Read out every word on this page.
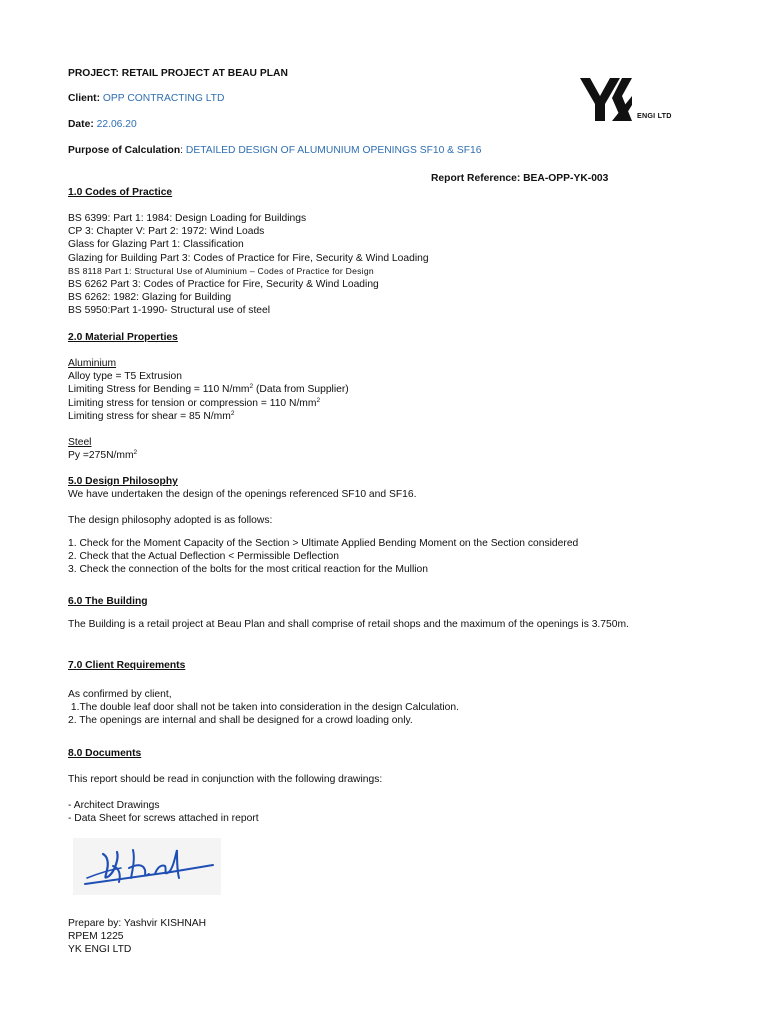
PROJECT: RETAIL PROJECT AT BEAU PLAN
Client: OPP CONTRACTING LTD
Date: 22.06.20
Purpose of Calculation: DETAILED DESIGN OF ALUMUNIUM OPENINGS SF10 & SF16
Report Reference: BEA-OPP-YK-003
ENGI LTD
1.0 Codes of Practice
BS 6399: Part 1: 1984: Design Loading for Buildings
CP 3: Chapter V: Part 2: 1972: Wind Loads
Glass for Glazing Part 1: Classification
Glazing for Building Part 3: Codes of Practice for Fire, Security & Wind Loading
BS 8118 Part 1: Structural Use of Aluminium – Codes of Practice for Design
BS 6262 Part 3: Codes of Practice for Fire, Security & Wind Loading
BS 6262: 1982: Glazing for Building
BS 5950:Part 1-1990- Structural use of steel
2.0 Material Properties
Aluminium
Alloy type = T5 Extrusion
Limiting Stress for Bending = 110 $N/mm^2$ (Data from Supplier)
Limiting stress for tension or compression = 110 $N/mm^2$
Limiting stress for shear = 85 $N/mm^2$
Steel
$Py =275N/mm^2$
5.0 Design Philosophy
We have undertaken the design of the openings referenced SF10 and SF16.
The design philosophy adopted is as follows:
1. Check for the Moment Capacity of the Section > Ultimate Applied Bending Moment on the Section considered
2. Check that the Actual Deflection < Permissible Deflection
3. Check the connection of the bolts for the most critical reaction for the Mullion
6.0 The Building
The Building is a retail project at Beau Plan and shall comprise of retail shops and the maximum of the openings is 3.750m.
7.0 Client Requirements
As confirmed by client,
1.The double leaf door shall not be taken into consideration in the design Calculation.
2. The openings are internal and shall be designed for a crowd loading only.
8.0 Documents
This report should be read in conjunction with the following drawings:
- Architect Drawings
- Data Sheet for screws attached in report
Prepare by: Yashvir KISHNAH
RPEM 1225
YK ENGI LTD
